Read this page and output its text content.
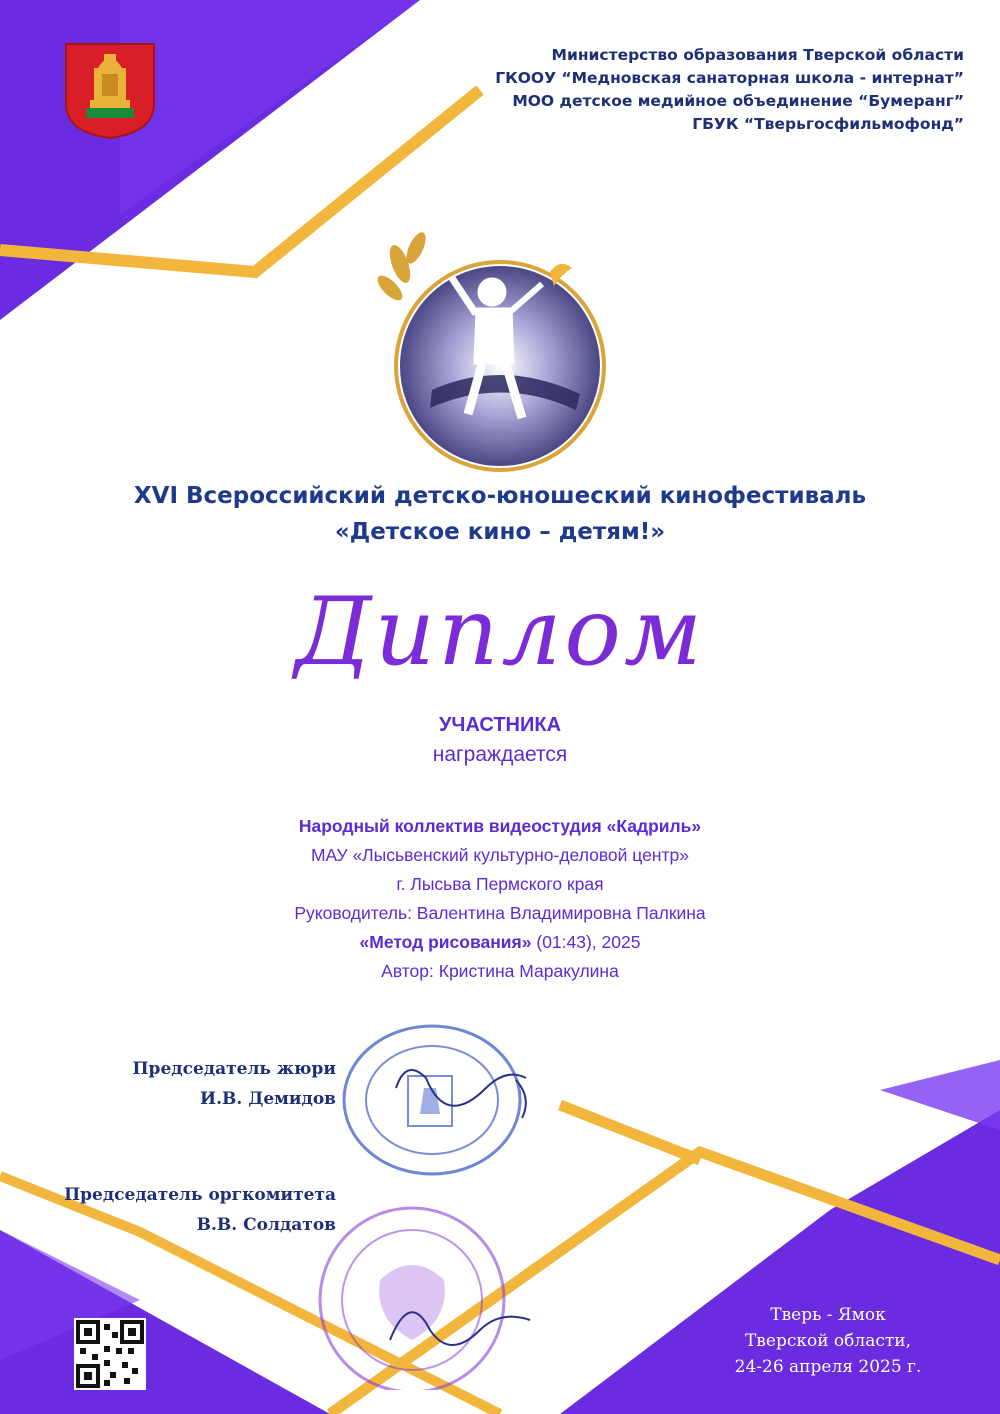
Министерство образования Тверской области
ГКООУ “Медновская санаторная школа - интернат”
МОО детское медийное объединение “Бумеранг”
ГБУК “Тверьгосфильмофонд”
XVI Всероссийский детско-юношеский кинофестиваль
«Детское кино – детям!»
Диплом
УЧАСТНИКА
награждается
Народный коллектив видеостудия «Кадриль»
МАУ «Лысьвенский культурно-деловой центр»
г. Лысьва Пермского края
Руководитель: Валентина Владимировна Палкина
«Метод рисования» (01:43), 2025
Автор: Кристина Маракулина
Председатель жюри
И.В. Демидов
Председатель оргкомитета
В.В. Солдатов
Тверь - Ямок
Тверской области,
24-26 апреля 2025 г.
